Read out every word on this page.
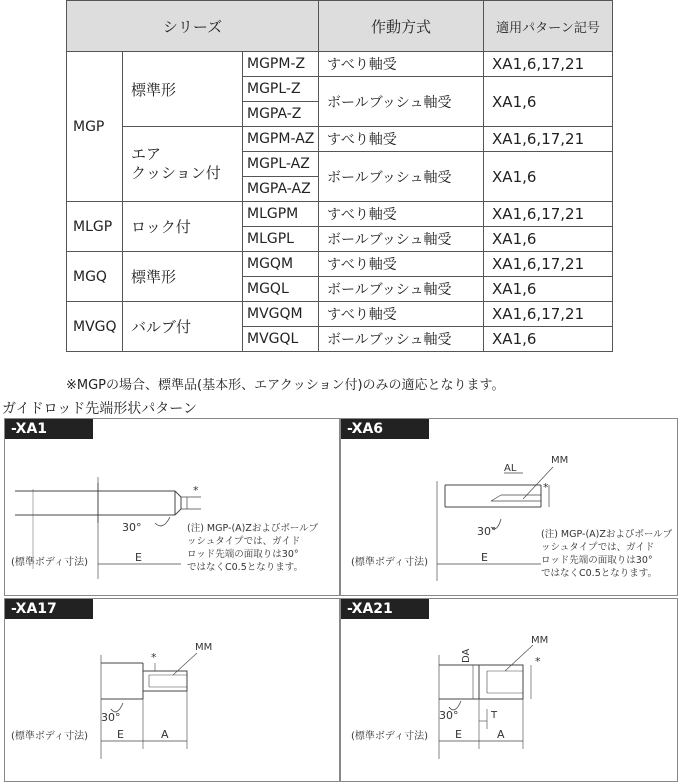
シリーズ			作動方式	適用パターン記号
MGP	標準形	MGPM-Z	すべり軸受	XA1,6,17,21
		MGPL-Z	ボールブッシュ軸受	XA1,6
		MGPA-Z		
	エア
クッション付	MGPM-AZ	すべり軸受	XA1,6,17,21
		MGPL-AZ	ボールブッシュ軸受	XA1,6
		MGPA-AZ		
MLGP	ロック付	MLGPM	すべり軸受	XA1,6,17,21
		MLGPL	ボールブッシュ軸受	XA1,6
MGQ	標準形	MGQM	すべり軸受	XA1,6,17,21
		MGQL	ボールブッシュ軸受	XA1,6
MVGQ	バルブ付	MVGQM	すべり軸受	XA1,6,17,21
		MVGQL	ボールブッシュ軸受	XA1,6
※MGPの場合、標準品(基本形、エアクッション付)のみの適応となります。
ガイドロッド先端形状パターン
-XA1
*
30°
E
(標準ボディ寸法)
(注) MGP-(A)Zおよびボールブ
ッシュタイプでは、ガイド
ロッド先端の面取りは30°
ではなくC0.5となります。
-XA6
AL
MM
*
30°
E
(標準ボディ寸法)
(注) MGP-(A)Zおよびボールブ
ッシュタイプでは、ガイド
ロッド先端の面取りは30°
ではなくC0.5となります。
-XA17
*
MM
30°
E	A
(標準ボディ寸法)
-XA21
DA	*
MM
30°	T
E	A
(標準ボディ寸法)
